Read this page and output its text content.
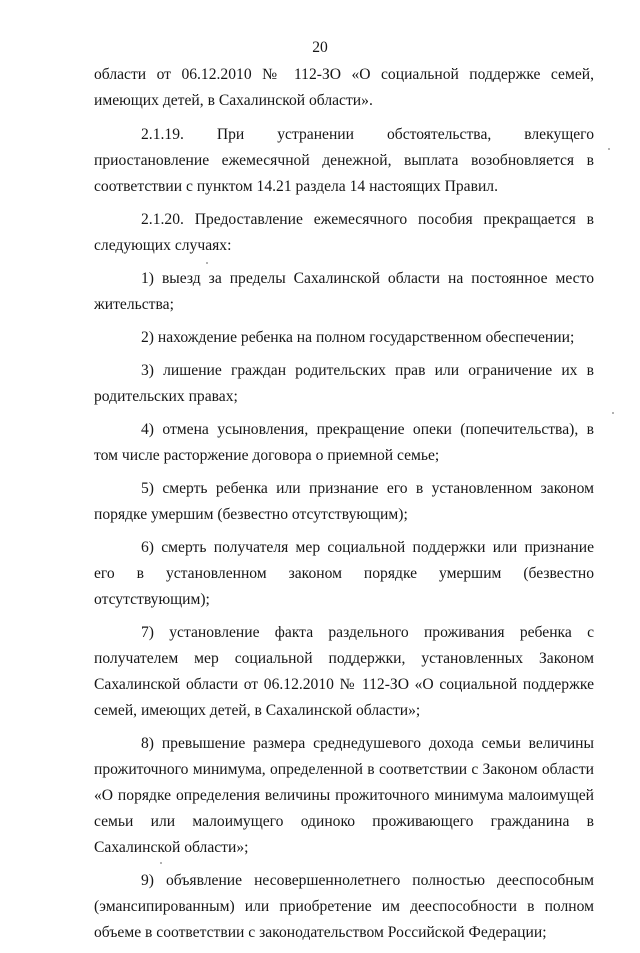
20

области от 06.12.2010 № 112-ЗО «О социальной поддержке семей, имеющих детей, в Сахалинской области».

2.1.19. При устранении обстоятельства, влекущего приостановление ежемесячной денежной, выплата возобновляется в соответствии с пунктом 14.21 раздела 14 настоящих Правил.

2.1.20. Предоставление ежемесячного пособия прекращается в следующих случаях:

1) выезд за пределы Сахалинской области на постоянное место жительства;

2) нахождение ребенка на полном государственном обеспечении;

3) лишение граждан родительских прав или ограничение их в родительских правах;

4) отмена усыновления, прекращение опеки (попечительства), в том числе расторжение договора о приемной семье;

5) смерть ребенка или признание его в установленном законом порядке умершим (безвестно отсутствующим);

6) смерть получателя мер социальной поддержки или признание его в установленном законом порядке умершим (безвестно отсутствующим);

7) установление факта раздельного проживания ребенка с получателем мер социальной поддержки, установленных Законом Сахалинской области от 06.12.2010 № 112-ЗО «О социальной поддержке семей, имеющих детей, в Сахалинской области»;

8) превышение размера среднедушевого дохода семьи величины прожиточного минимума, определенной в соответствии с Законом области «О порядке определения величины прожиточного минимума малоимущей семьи или малоимущего одиноко проживающего гражданина в Сахалинской области»;

9) объявление несовершеннолетнего полностью дееспособным (эмансипированным) или приобретение им дееспособности в полном объеме в соответствии с законодательством Российской Федерации;
